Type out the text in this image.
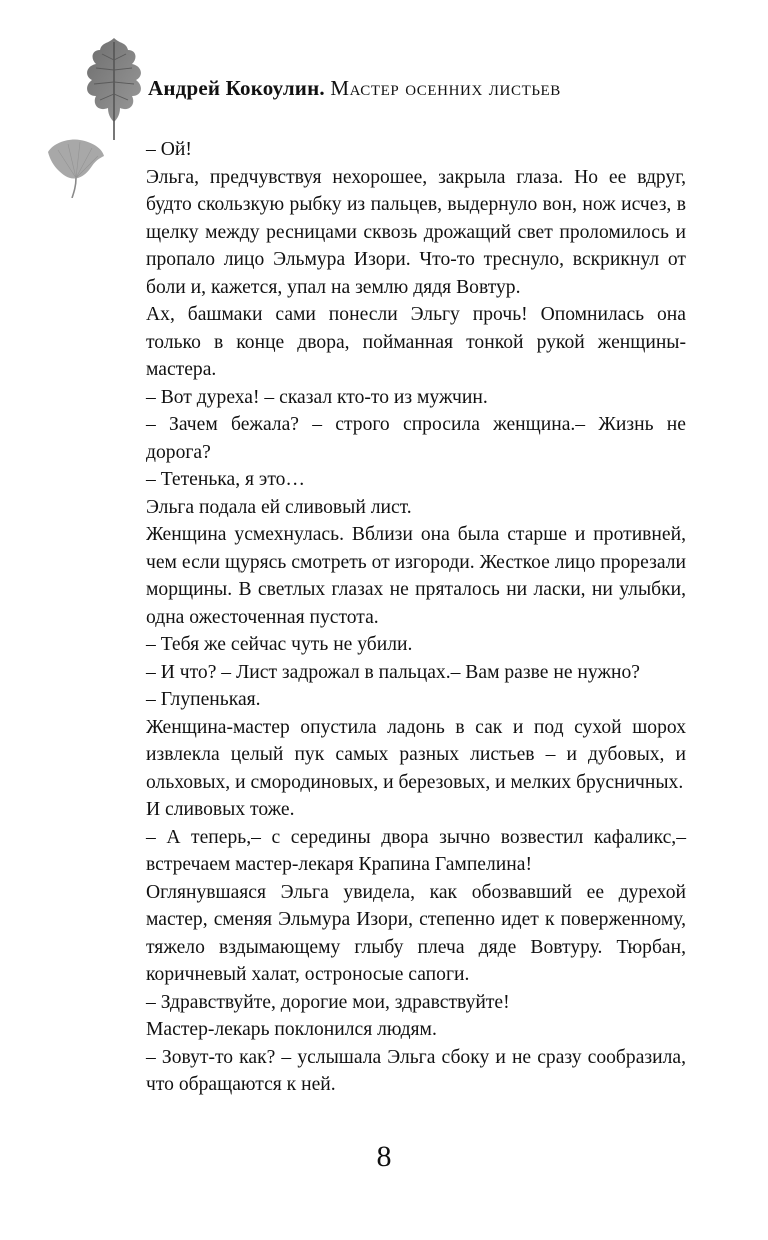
Андрей Кокоулин. Мастер осенних листьев

– Ой!

Эльга, предчувствуя нехорошее, закрыла глаза. Но ее вдруг, будто скользкую рыбку из пальцев, выдернуло вон, нож исчез, в щелку между ресницами сквозь дрожащий свет проломилось и пропало лицо Эльмура Изори. Что-то треснуло, вскрикнул от боли и, кажется, упал на землю дядя Вовтур.

Ах, башмаки сами понесли Эльгу прочь! Опомнилась она только в конце двора, пойманная тонкой рукой женщины-мастера.

– Вот дуреха! – сказал кто-то из мужчин.

– Зачем бежала? – строго спросила женщина.– Жизнь не дорога?

– Тетенька, я это…

Эльга подала ей сливовый лист.

Женщина усмехнулась. Вблизи она была старше и противней, чем если щурясь смотреть от изгороди. Жесткое лицо прорезали морщины. В светлых глазах не пряталось ни ласки, ни улыбки, одна ожесточенная пустота.

– Тебя же сейчас чуть не убили.

– И что? – Лист задрожал в пальцах.– Вам разве не нужно?

– Глупенькая.

Женщина-мастер опустила ладонь в сак и под сухой шорох извлекла целый пук самых разных листьев – и дубовых, и ольховых, и смородиновых, и березовых, и мелких брусничных.

И сливовых тоже.

– А теперь,– с середины двора зычно возвестил кафаликс,– встречаем мастер-лекаря Крапина Гампелина!

Оглянувшаяся Эльга увидела, как обозвавший ее дурехой мастер, сменяя Эльмура Изори, степенно идет к поверженному, тяжело вздымающему глыбу плеча дяде Вовтуру. Тюрбан, коричневый халат, остроносые сапоги.

– Здравствуйте, дорогие мои, здравствуйте!

Мастер-лекарь поклонился людям.

– Зовут-то как? – услышала Эльга сбоку и не сразу сообразила, что обращаются к ней.

8
